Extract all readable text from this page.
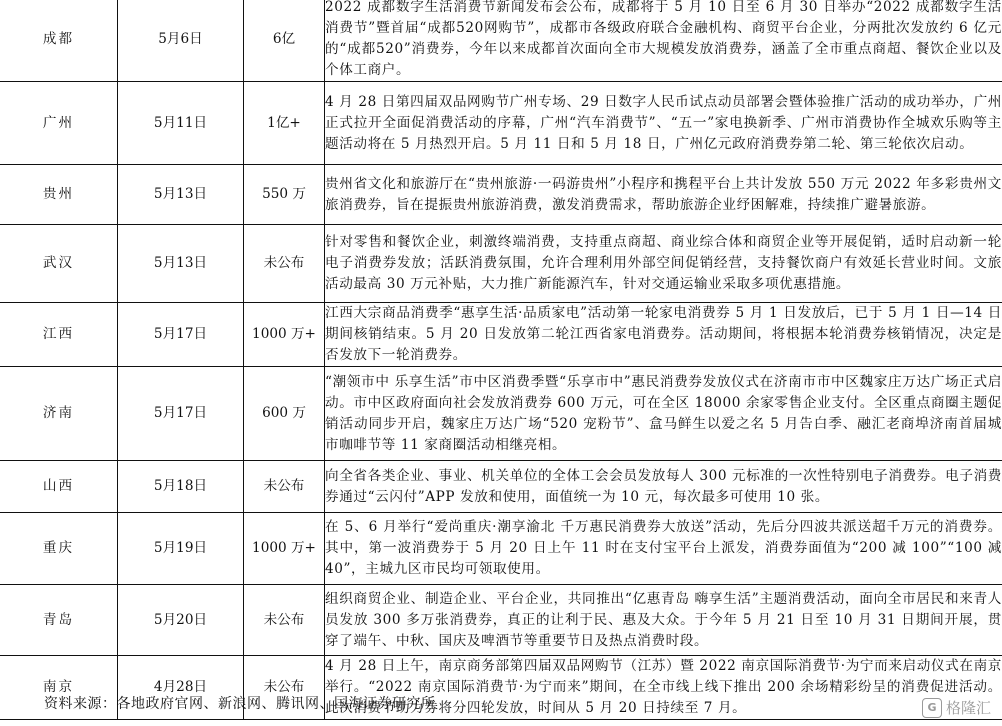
成都	5月6日	6亿	2022 成都数字生活消费节新闻发布会公布，成都将于 5 月 10 日至 6 月 30 日举办“2022 成都数字生活消费节”暨首届“成都520网购节”，成都市各级政府联合金融机构、商贸平台企业，分两批次发放约 6 亿元的“成都520”消费券，今年以来成都首次面向全市大规模发放消费券，涵盖了全市重点商超、餐饮企业以及个体工商户。
广州	5月11日	1亿+	4 月 28 日第四届双品网购节广州专场、29 日数字人民币试点动员部署会暨体验推广活动的成功举办，广州正式拉开全面促消费活动的序幕，广州“汽车消费节”、“五一”家电换新季、广州市消费协作全城欢乐购等主题活动将在 5 月热烈开启。5 月 11 日和 5 月 18 日，广州亿元政府消费券第二轮、第三轮依次启动。
贵州	5月13日	550 万	贵州省文化和旅游厅在“贵州旅游·一码游贵州”小程序和携程平台上共计发放 550 万元 2022 年多彩贵州文旅消费券，旨在提振贵州旅游消费，激发消费需求，帮助旅游企业纾困解难，持续推广避暑旅游。
武汉	5月13日	未公布	针对零售和餐饮企业，刺激终端消费，支持重点商超、商业综合体和商贸企业等开展促销，适时启动新一轮电子消费券发放；活跃消费氛围，允许合理利用外部空间促销经营，支持餐饮商户有效延长营业时间。文旅活动最高 30 万元补贴，大力推广新能源汽车，针对交通运输业采取多项优惠措施。
江西	5月17日	1000 万+	江西大宗商品消费季“惠享生活·品质家电”活动第一轮家电消费券 5 月 1 日发放后，已于 5 月 1 日—14 日期间核销结束。5 月 20 日发放第二轮江西省家电消费券。活动期间，将根据本轮消费券核销情况，决定是否发放下一轮消费券。
济南	5月17日	600 万	“潮领市中 乐享生活”市中区消费季暨“乐享市中”惠民消费券发放仪式在济南市市中区魏家庄万达广场正式启动。市中区政府面向社会发放消费券 600 万元，可在全区 18000 余家零售企业支付。全区重点商圈主题促销活动同步开启，魏家庄万达广场“520 宠粉节”、盒马鲜生以爱之名 5 月告白季、融汇老商埠济南首届城市咖啡节等 11 家商圈活动相继亮相。
山西	5月18日	未公布	向全省各类企业、事业、机关单位的全体工会会员发放每人 300 元标准的一次性特别电子消费券。电子消费券通过“云闪付”APP 发放和使用，面值统一为 10 元，每次最多可使用 10 张。
重庆	5月19日	1000 万+	在 5、6 月举行“爱尚重庆·潮享渝北 千万惠民消费券大放送”活动，先后分四波共派送超千万元的消费券。其中，第一波消费券于 5 月 20 日上午 11 时在支付宝平台上派发，消费券面值为“200 减 100”“100 减 40”，主城九区市民均可领取使用。
青岛	5月20日	未公布	组织商贸企业、制造企业、平台企业，共同推出“亿惠青岛 嗨享生活”主题消费活动，面向全市居民和来青人员发放 300 多万张消费券，真正的让利于民、惠及大众。于今年 5 月 21 日至 10 月 31 日期间开展，贯穿了端午、中秋、国庆及啤酒节等重要节日及热点消费时段。
南京	4月28日	未公布	4 月 28 日上午，南京商务部第四届双品网购节（江苏）暨 2022 南京国际消费节·为宁而来启动仪式在南京举行。“2022 南京国际消费节·为宁而来”期间，在全市线上线下推出 200 余场精彩纷呈的消费促进活动。此次消费节助力券将分四轮发放，时间从 5 月 20 日持续至 7 月。
资料来源：各地政府官网、新浪网、腾讯网、国海证券研究所	G 格隆汇
